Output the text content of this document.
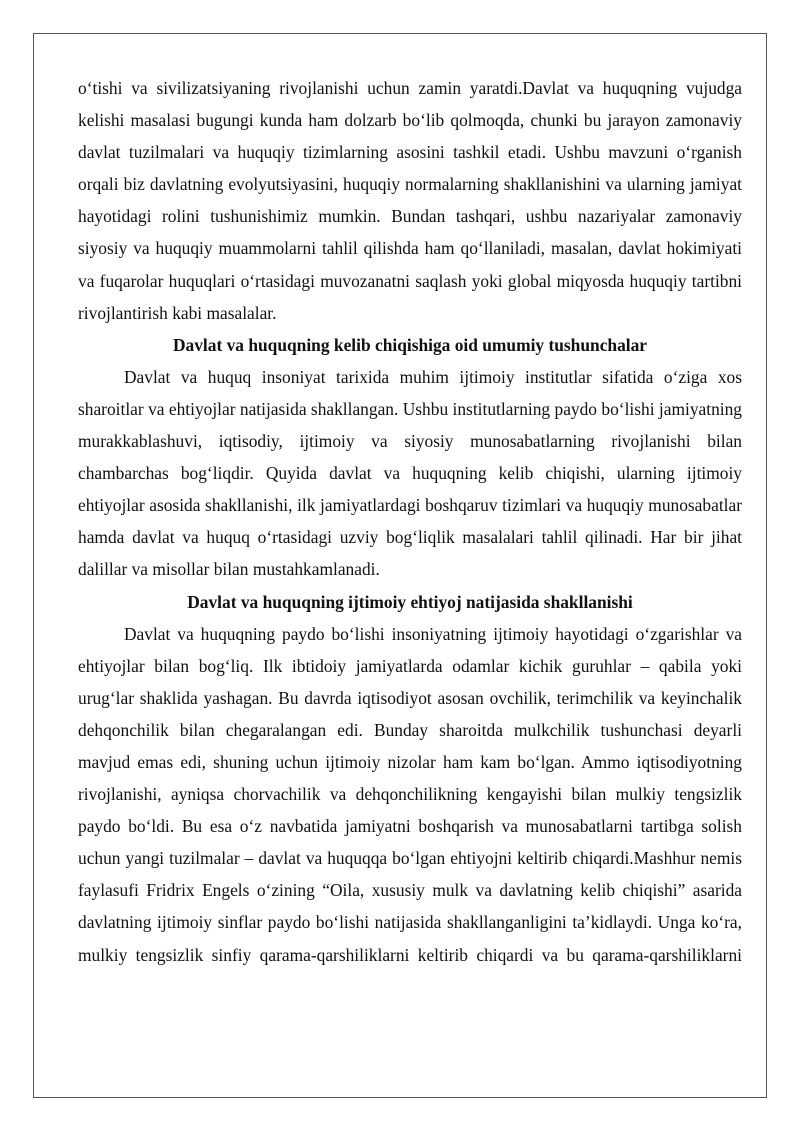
o‘tishi va sivilizatsiyaning rivojlanishi uchun zamin yaratdi.Davlat va huquqning vujudga kelishi masalasi bugungi kunda ham dolzarb bo‘lib qolmoqda, chunki bu jarayon zamonaviy davlat tuzilmalari va huquqiy tizimlarning asosini tashkil etadi. Ushbu mavzuni o‘rganish orqali biz davlatning evolyutsiyasini, huquqiy normalarning shakllanishini va ularning jamiyat hayotidagi rolini tushunishimiz mumkin. Bundan tashqari, ushbu nazariyalar zamonaviy siyosiy va huquqiy muammolarni tahlil qilishda ham qo‘llaniladi, masalan, davlat hokimiyati va fuqarolar huquqlari o‘rtasidagi muvozanatni saqlash yoki global miqyosda huquqiy tartibni rivojlantirish kabi masalalar.

Davlat va huquqning kelib chiqishiga oid umumiy tushunchalar

Davlat va huquq insoniyat tarixida muhim ijtimoiy institutlar sifatida o‘ziga xos sharoitlar va ehtiyojlar natijasida shakllangan. Ushbu institutlarning paydo bo‘lishi jamiyatning murakkablashuvi, iqtisodiy, ijtimoiy va siyosiy munosabatlarning rivojlanishi bilan chambarchas bog‘liqdir. Quyida davlat va huquqning kelib chiqishi, ularning ijtimoiy ehtiyojlar asosida shakllanishi, ilk jamiyatlardagi boshqaruv tizimlari va huquqiy munosabatlar hamda davlat va huquq o‘rtasidagi uzviy bog‘liqlik masalalari tahlil qilinadi. Har bir jihat dalillar va misollar bilan mustahkamlanadi.

Davlat va huquqning ijtimoiy ehtiyoj natijasida shakllanishi

Davlat va huquqning paydo bo‘lishi insoniyatning ijtimoiy hayotidagi o‘zgarishlar va ehtiyojlar bilan bog‘liq. Ilk ibtidoiy jamiyatlarda odamlar kichik guruhlar – qabila yoki urug‘lar shaklida yashagan. Bu davrda iqtisodiyot asosan ovchilik, terimchilik va keyinchalik dehqonchilik bilan chegaralangan edi. Bunday sharoitda mulkchilik tushunchasi deyarli mavjud emas edi, shuning uchun ijtimoiy nizolar ham kam bo‘lgan. Ammo iqtisodiyotning rivojlanishi, ayniqsa chorvachilik va dehqonchilikning kengayishi bilan mulkiy tengsizlik paydo bo‘ldi. Bu esa o‘z navbatida jamiyatni boshqarish va munosabatlarni tartibga solish uchun yangi tuzilmalar – davlat va huquqqa bo‘lgan ehtiyojni keltirib chiqardi.Mashhur nemis faylasufi Fridrix Engels o‘zining “Oila, xususiy mulk va davlatning kelib chiqishi” asarida davlatning ijtimoiy sinflar paydo bo‘lishi natijasida shakllanganligini ta’kidlaydi. Unga ko‘ra, mulkiy tengsizlik sinfiy qarama-qarshiliklarni keltirib chiqardi va bu qarama-qarshiliklarni
